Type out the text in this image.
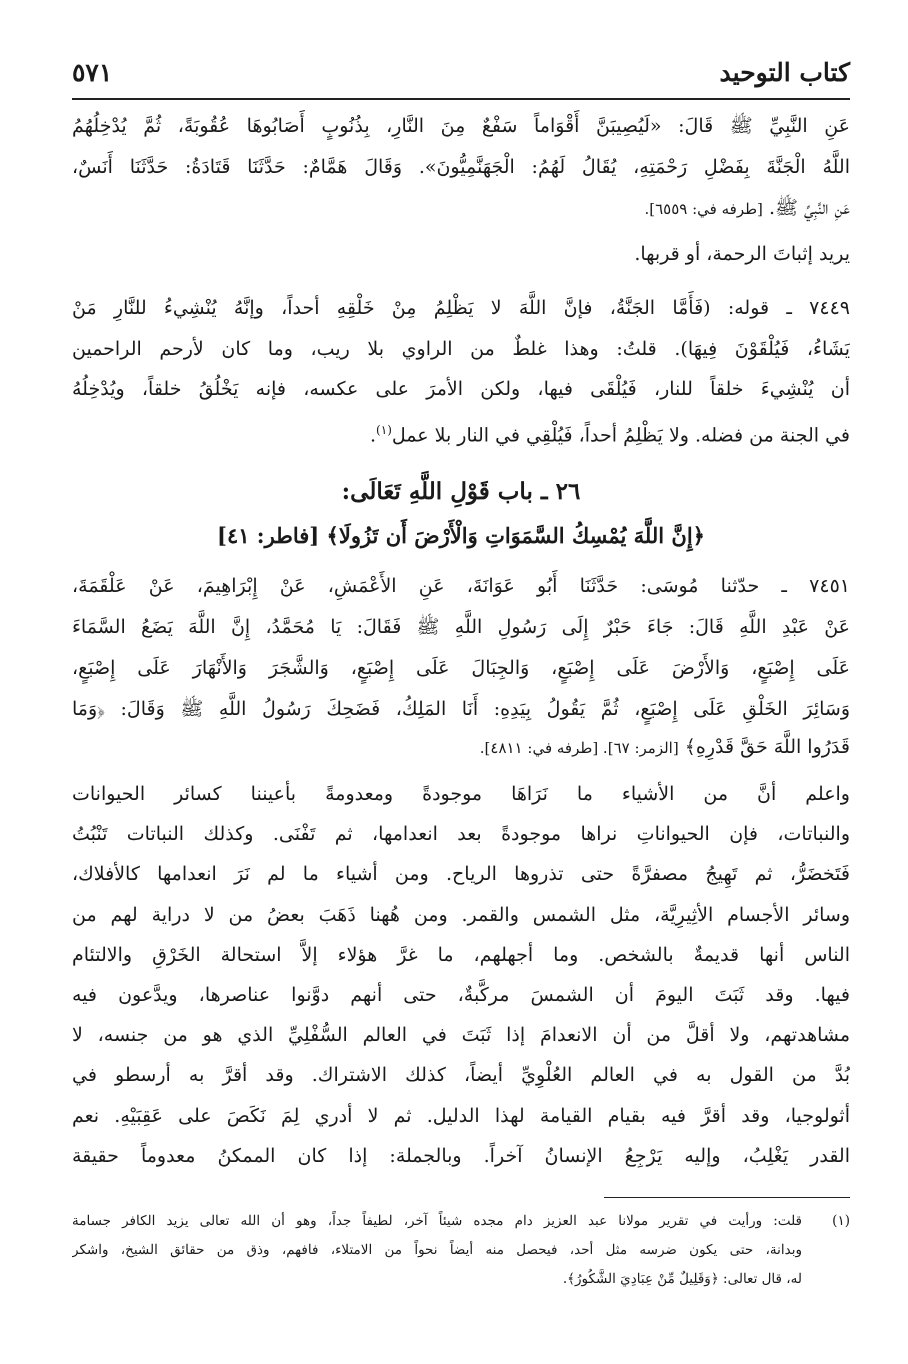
كتاب التوحيد
٥٧١
عَنِ النَّبِيِّ ﷺ قَالَ: «لَيُصِيبَنَّ أَقْوَاماً سَفْعٌ مِنَ النَّارِ، بِذُنُوبٍ أَصَابُوهَا عُقُوبَةً، ثُمَّ يُدْخِلُهُمُ
اللَّهُ الْجَنَّةَ بِفَضْلِ رَحْمَتِهِ، يُقَالُ لَهُمُ: الْجَهَنَّمِيُّونَ». وَقَالَ هَمَّامٌ: حَدَّثَنَا قَتَادَةُ: حَدَّثَنَا أَنَسٌ،
عَنِ النَّبِيِّ ﷺ. [طرفه في: ٦٥٥٩].
يريد إثباتَ الرحمة، أو قربها.
٧٤٤٩ ـ قوله: (فَأَمَّا الجَنَّةُ، فإنَّ اللَّهَ لا يَظْلِمُ مِنْ خَلْقِهِ أحداً، وإنَّهُ يُنْشِيءُ للنَّارِ مَنْ
يَشَاءُ، فَيُلْقَوْنَ فِيهَا). قلتُ: وهذا غلطٌ من الراوي بلا ريب، وما كان لأرحم الراحمين
أن يُنْشِيءَ خلقاً للنار، فَيُلْقَى فيها، ولكن الأمرَ على عكسه، فإنه يَخْلُقُ خلقاً، ويُدْخِلُهُ
في الجنة من فضله. ولا يَظْلِمُ أحداً، فَيُلْقِي في النار بلا عمل$^{(١)}$.
٢٦ ـ باب قَوْلِ اللَّهِ تَعَالَى:
﴿إِنَّ اللَّهَ يُمْسِكُ السَّمَوَاتِ وَالْأَرْضَ أَن تَزُولَا﴾ [فاطر: ٤١]
٧٤٥١ ـ حدّثنا مُوسَى: حَدَّثَنَا أَبُو عَوَانَةَ، عَنِ الأَعْمَشِ، عَنْ إِبْرَاهِيمَ، عَنْ عَلْقَمَةَ،
عَنْ عَبْدِ اللَّهِ قَالَ: جَاءَ حَبْرٌ إِلَى رَسُولِ اللَّهِ ﷺ فَقَالَ: يَا مُحَمَّدُ، إِنَّ اللَّهَ يَضَعُ السَّمَاءَ
عَلَى إِصْبَعٍ، وَالأَرْضَ عَلَى إِصْبَعٍ، وَالجِبَالَ عَلَى إِصْبَعٍ، وَالشَّجَرَ وَالأَنْهَارَ عَلَى إِصْبَعٍ،
وَسَائِرَ الخَلْقِ عَلَى إِصْبَعٍ، ثُمَّ يَقُولُ بِيَدِهِ: أَنَا المَلِكُ، فَضَحِكَ رَسُولُ اللَّهِ ﷺ وَقَالَ: ﴿وَمَا
قَدَرُوا اللَّهَ حَقَّ قَدْرِهِ﴾ [الزمر: ٦٧]. [طرفه في: ٤٨١١].
واعلم أنَّ من الأشياء ما نَرَاهَا موجودةً ومعدومةً بأعيننا كسائر الحيوانات
والنباتات، فإن الحيواناتِ نراها موجودةً بعد انعدامها، ثم تَفْنَى. وكذلك النباتات تَنْبُتُ
فَتَخضَرُّ، ثم تَهِيجُ مصفرَّةً حتى تذروها الرياح. ومن أشياء ما لم نَرَ انعدامها كالأفلاك،
وسائر الأجسام الأثِيرِيَّة، مثل الشمس والقمر. ومن هُهنا ذَهَبَ بعضُ من لا دراية لهم من
الناس أنها قديمةٌ بالشخص. وما أجهلهم، ما غرَّ هؤلاء إلاَّ استحالة الخَرْقِ والالتئام
فيها. وقد ثَبَتَ اليومَ أن الشمسَ مركَّبةٌ، حتى أنهم دوَّنوا عناصرها، ويدَّعون فيه
مشاهدتهم، ولا أقلَّ من أن الانعدامَ إذا ثَبَتَ في العالم السُّفْلِيِّ الذي هو من جنسه، لا
بُدَّ من القول به في العالم العُلْوِيِّ أيضاً، كذلك الاشتراك. وقد أقرَّ به أرسطو في
أثولوجيا، وقد أقرَّ فيه بقيام القيامة لهذا الدليل. ثم لا أدري لِمَ نَكَصَ على عَقِبَيْهِ. نعم
القدر يَغْلِبُ، وإليه يَرْجِعُ الإنسانُ آخراً. وبالجملة: إذا كان الممكنُ معدوماً حقيقة
(١)قلت: ورأيت في تقرير مولانا عبد العزيز دام مجده شيئاً آخر، لطيفاً جداً، وهو أن الله تعالى يزيد الكافر جسامة
وبدانة، حتى يكون ضرسه مثل أحد، فيحصل منه أيضاً نحواً من الامتلاء، فافهم، وذق من حقائق الشيخ، واشكر
له، قال تعالى: ﴿وَقَلِيلٌ مِّنْ عِبَادِيَ الشَّكُورُ﴾.
